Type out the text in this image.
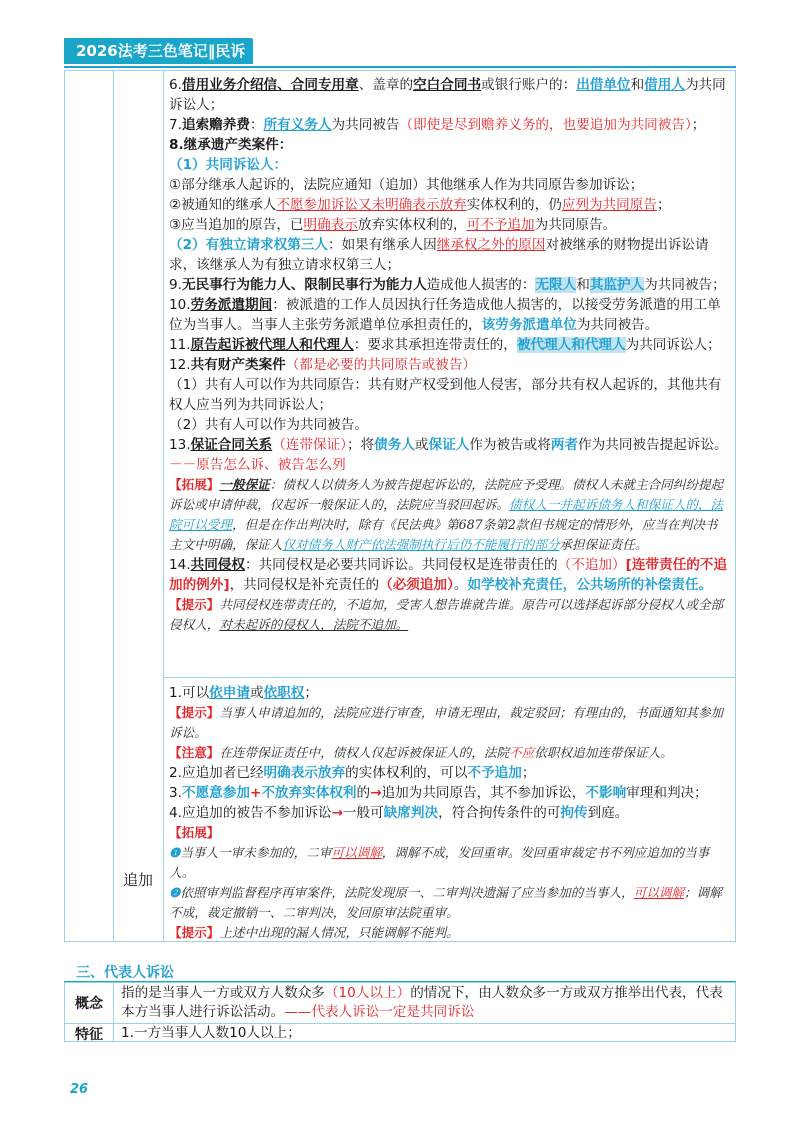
2026法考三色笔记‖民诉
追加

6.借用业务介绍信、合同专用章、盖章的空白合同书或银行账户的：出借单位和借用人为共同诉讼人；

7.追索赡养费：所有义务人为共同被告（即使是尽到赡养义务的，也要追加为共同被告）；

8.继承遗产类案件：

（1）共同诉讼人：

①部分继承人起诉的，法院应通知（追加）其他继承人作为共同原告参加诉讼；

②被通知的继承人不愿参加诉讼又未明确表示放弃实体权利的，仍应列为共同原告；

③应当追加的原告，已明确表示放弃实体权利的，可不予追加为共同原告。

（2）有独立请求权第三人：如果有继承人因继承权之外的原因对被继承的财物提出诉讼请求，该继承人为有独立请求权第三人；

9.无民事行为能力人、限制民事行为能力人造成他人损害的：无限人和其监护人为共同被告；

10.劳务派遣期间：被派遣的工作人员因执行任务造成他人损害的，以接受劳务派遣的用工单位为当事人。当事人主张劳务派遣单位承担责任的，该劳务派遣单位为共同被告。

11.原告起诉被代理人和代理人：要求其承担连带责任的，被代理人和代理人为共同诉讼人；

12.共有财产类案件（都是必要的共同原告或被告）

（1）共有人可以作为共同原告：共有财产权受到他人侵害，部分共有权人起诉的，其他共有权人应当列为共同诉讼人；

（2）共有人可以作为共同被告。

13.保证合同关系（连带保证）；将债务人或保证人作为被告或将两者作为共同被告提起诉讼。－－原告怎么诉、被告怎么列

【拓展】一般保证：债权人以债务人为被告提起诉讼的，法院应予受理。债权人未就主合同纠纷提起诉讼或申请仲裁，仅起诉一般保证人的，法院应当驳回起诉。债权人一并起诉债务人和保证人的，法院可以受理，但是在作出判决时，除有《民法典》第687条第2款但书规定的情形外，应当在判决书主文中明确，保证人仅对债务人财产依法强制执行后仍不能履行的部分承担保证责任。

14.共同侵权：共同侵权是必要共同诉讼。共同侵权是连带责任的（不追加）[连带责任的不追加的例外]，共同侵权是补充责任的（必须追加）。如学校补充责任，公共场所的补偿责任。

【提示】共同侵权连带责任的，不追加，受害人想告谁就告谁。原告可以选择起诉部分侵权人或全部侵权人，对未起诉的侵权人，法院不追加。

1.可以依申请或依职权；

【提示】当事人申请追加的，法院应进行审查，申请无理由，裁定驳回；有理由的，书面通知其参加诉讼。

【注意】在连带保证责任中，债权人仅起诉被保证人的，法院不应依职权追加连带保证人。

2.应追加者已经明确表示放弃的实体权利的，可以不予追加；

3.不愿意参加+不放弃实体权利的→追加为共同原告，其不参加诉讼，不影响审理和判决；

4.应追加的被告不参加诉讼→一般可缺席判决，符合拘传条件的可拘传到庭。

【拓展】

❶当事人一审未参加的，二审可以调解，调解不成，发回重审。发回重审裁定书不列应追加的当事人。

❷依照审判监督程序再审案件，法院发现原一、二审判决遗漏了应当参加的当事人，可以调解；调解不成，裁定撤销一、二审判决，发回原审法院重审。

【提示】上述中出现的漏人情况，只能调解不能判。

三、代表人诉讼
概念
指的是当事人一方或双方人数众多（10人以上）的情况下，由人数众多一方或双方推举出代表，代表本方当事人进行诉讼活动。——代表人诉讼一定是共同诉讼
特征	1.一方当事人人数10人以上；
26
